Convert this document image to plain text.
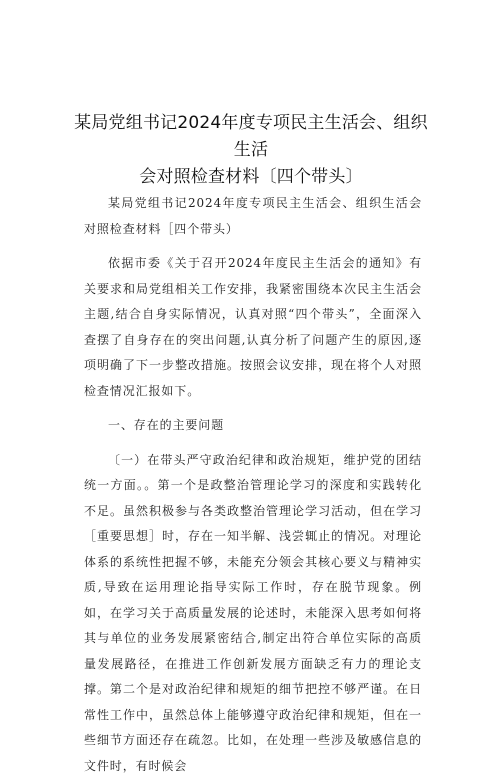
某局党组书记2024年度专项民主生活会、组织生活
会对照检查材料〔四个带头〕

某局党组书记2024年度专项民主生活会、组织生活会对照检查材料［四个带头）

依据市委《关于召开2024年度民主生活会的通知》有关要求和局党组相关工作安排，我紧密围绕本次民主生活会主题,结合自身实际情况，认真对照“四个带头”，全面深入查摆了自身存在的突出问题,认真分析了问题产生的原因,逐项明确了下一步整改措施。按照会议安排，现在将个人对照检查情况汇报如下。

一、存在的主要问题

〔一）在带头严守政治纪律和政治规矩，维护党的团结统一方面。。第一个是政整治管理论学习的深度和实践转化不足。虽然积极参与各类政整治管理论学习活动，但在学习［重要思想］时，存在一知半解、浅尝辄止的情况。对理论体系的系统性把握不够，未能充分领会其核心要义与精神实质,导致在运用理论指导实际工作时，存在脱节现象。例如，在学习关于高质量发展的论述时，未能深入思考如何将其与单位的业务发展紧密结合,制定出符合单位实际的高质量发展路径，在推进工作创新发展方面缺乏有力的理论支撑。第二个是对政治纪律和规矩的细节把控不够严谨。在日常性工作中，虽然总体上能够遵守政治纪律和规矩，但在一些细节方面还存在疏忽。比如，在处理一些涉及敏感信息的文件时，有时候会
